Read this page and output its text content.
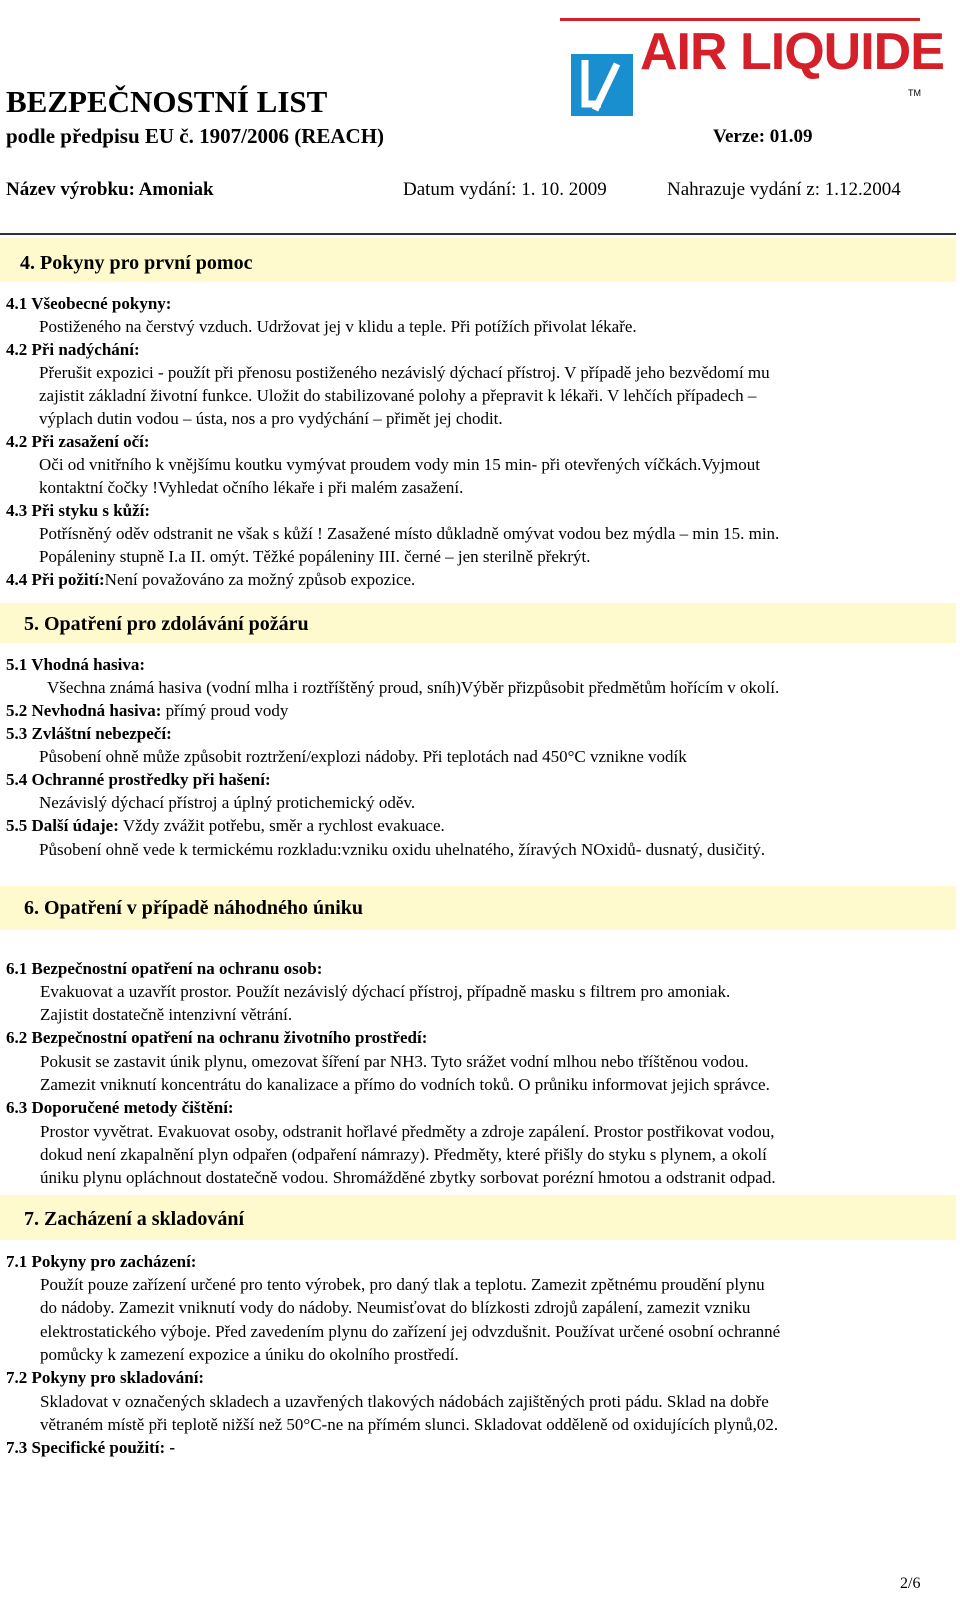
AIR LIQUIDE
TM
BEZPEČNOSTNÍ LIST
podle předpisu EU č. 1907/2006 (REACH)	Verze: 01.09
Název výrobku: Amoniak	Datum vydání: 1. 10. 2009	Nahrazuje vydání z: 1.12.2004
4. Pokyny pro první pomoc
4.1 Všeobecné pokyny:
Postiženého na čerstvý vzduch. Udržovat jej v klidu a teple. Při potížích přivolat lékaře.
4.2 Při nadýchání:
Přerušit expozici - použít při přenosu postiženého nezávislý dýchací přístroj. V případě jeho bezvědomí mu
zajistit základní životní funkce. Uložit do stabilizované polohy a přepravit k lékaři. V lehčích případech –
výplach dutin vodou – ústa, nos a pro vydýchání – přimět jej chodit.
4.2 Při zasažení očí:
Oči od vnitřního k vnějšímu koutku vymývat proudem vody min 15 min- při otevřených víčkách.Vyjmout
kontaktní čočky !Vyhledat očního lékaře i při malém zasažení.
4.3 Při styku s kůží:
Potřísněný oděv odstranit ne však s kůží ! Zasažené místo důkladně omývat vodou bez mýdla – min 15. min.
Popáleniny stupně I.a II. omýt. Těžké popáleniny III. černé – jen sterilně překrýt.
4.4 Při požití:Není považováno za možný způsob expozice.
5. Opatření pro zdolávání požáru
5.1 Vhodná hasiva:
Všechna známá hasiva (vodní mlha i roztříštěný proud, sníh)Výběr přizpůsobit předmětům hořícím v okolí.
5.2 Nevhodná hasiva: přímý proud vody
5.3 Zvláštní nebezpečí:
Působení ohně může způsobit roztržení/explozi nádoby. Při teplotách nad 450°C vznikne vodík
5.4 Ochranné prostředky při hašení:
Nezávislý dýchací přístroj a úplný protichemický oděv.
5.5 Další údaje: Vždy zvážit potřebu, směr a rychlost evakuace.
Působení ohně vede k termickému rozkladu:vzniku oxidu uhelnatého, žíravých NOxidů- dusnatý, dusičitý.
6. Opatření v případě náhodného úniku
6.1 Bezpečnostní opatření na ochranu osob:
Evakuovat a uzavřít prostor. Použít nezávislý dýchací přístroj, případně masku s filtrem pro amoniak.
Zajistit dostatečně intenzivní větrání.
6.2 Bezpečnostní opatření na ochranu životního prostředí:
Pokusit se zastavit únik plynu, omezovat šíření par NH3. Tyto srážet vodní mlhou nebo tříštěnou vodou.
Zamezit vniknutí koncentrátu do kanalizace a přímo do vodních toků. O průniku informovat jejich správce.
6.3 Doporučené metody čištění:
Prostor vyvětrat. Evakuovat osoby, odstranit hořlavé předměty a zdroje zapálení. Prostor postřikovat vodou,
dokud není zkapalnění plyn odpařen (odpaření námrazy). Předměty, které přišly do styku s plynem, a okolí
úniku plynu opláchnout dostatečně vodou. Shromážděné zbytky sorbovat porézní hmotou a odstranit odpad.
7. Zacházení a skladování
7.1 Pokyny pro zacházení:
Použít pouze zařízení určené pro tento výrobek, pro daný tlak a teplotu. Zamezit zpětnému proudění plynu
do nádoby. Zamezit vniknutí vody do nádoby. Neumisťovat do blízkosti zdrojů zapálení, zamezit vzniku
elektrostatického výboje. Před zavedením plynu do zařízení jej odvzdušnit. Používat určené osobní ochranné
pomůcky k zamezení expozice a úniku do okolního prostředí.
7.2 Pokyny pro skladování:
Skladovat v označených skladech a uzavřených tlakových nádobách zajištěných proti pádu. Sklad na dobře
větraném místě při teplotě nižší než 50°C-ne na přímém slunci. Skladovat odděleně od oxidujících plynů,02.
7.3 Specifické použití: -
2/6
